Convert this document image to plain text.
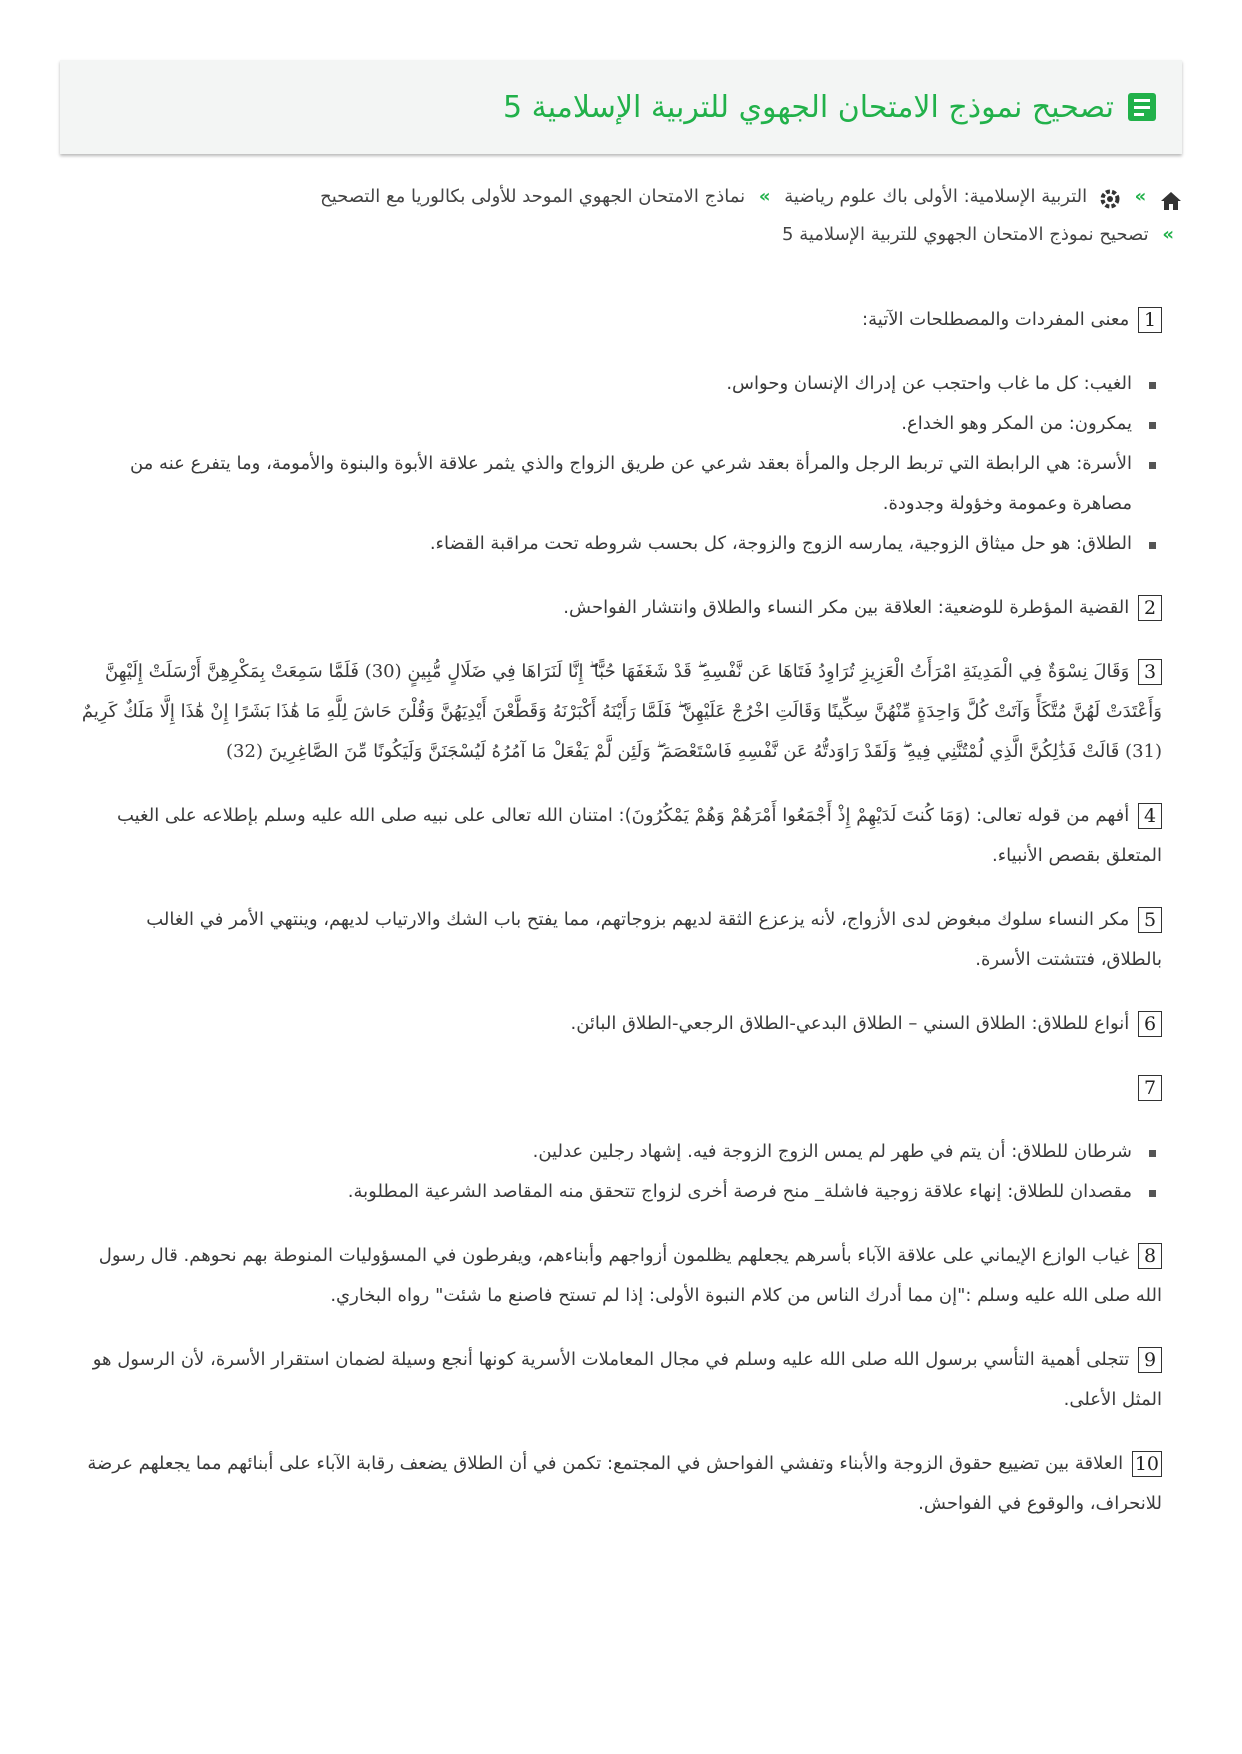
تصحيح نموذج الامتحان الجهوي للتربية الإسلامية 5
»  التربية الإسلامية: الأولى باك علوم رياضية » نماذج الامتحان الجهوي الموحد للأولى بكالوريا مع التصحيح
» تصحيح نموذج الامتحان الجهوي للتربية الإسلامية 5

1 معنى المفردات والمصطلحات الآتية:

الغيب: كل ما غاب واحتجب عن إدراك الإنسان وحواس.
يمكرون: من المكر وهو الخداع.
الأسرة: هي الرابطة التي تربط الرجل والمرأة بعقد شرعي عن طريق الزواج والذي يثمر علاقة الأبوة والبنوة والأمومة، وما يتفرع عنه من مصاهرة وعمومة وخؤولة وجدودة.
الطلاق: هو حل ميثاق الزوجية، يمارسه الزوج والزوجة، كل بحسب شروطه تحت مراقبة القضاء.

2 القضية المؤطرة للوضعية: العلاقة بين مكر النساء والطلاق وانتشار الفواحش.

3 وَقَالَ نِسْوَةٌ فِي الْمَدِينَةِ امْرَأَتُ الْعَزِيزِ تُرَاوِدُ فَتَاهَا عَن نَّفْسِهِ ۖ قَدْ شَغَفَهَا حُبًّا ۖ إِنَّا لَنَرَاهَا فِي ضَلَالٍ مُّبِينٍ (30) فَلَمَّا سَمِعَتْ بِمَكْرِهِنَّ أَرْسَلَتْ إِلَيْهِنَّ وَأَعْتَدَتْ لَهُنَّ مُتَّكَأً وَآتَتْ كُلَّ وَاحِدَةٍ مِّنْهُنَّ سِكِّينًا وَقَالَتِ اخْرُجْ عَلَيْهِنَّ ۖ فَلَمَّا رَأَيْنَهُ أَكْبَرْنَهُ وَقَطَّعْنَ أَيْدِيَهُنَّ وَقُلْنَ حَاشَ لِلَّهِ مَا هَٰذَا بَشَرًا إِنْ هَٰذَا إِلَّا مَلَكٌ كَرِيمٌ (31) قَالَتْ فَذَٰلِكُنَّ الَّذِي لُمْتُنَّنِي فِيهِ ۖ وَلَقَدْ رَاوَدتُّهُ عَن نَّفْسِهِ فَاسْتَعْصَمَ ۖ وَلَئِن لَّمْ يَفْعَلْ مَا آمُرُهُ لَيُسْجَنَنَّ وَلَيَكُونًا مِّنَ الصَّاغِرِينَ (32)

4 أفهم من قوله تعالى: (وَمَا كُنتَ لَدَيْهِمْ إِذْ أَجْمَعُوا أَمْرَهُمْ وَهُمْ يَمْكُرُونَ): امتنان الله تعالى على نبيه صلى الله عليه وسلم بإطلاعه على الغيب المتعلق بقصص الأنبياء.

5 مكر النساء سلوك مبغوض لدى الأزواج، لأنه يزعزع الثقة لديهم بزوجاتهم، مما يفتح باب الشك والارتياب لديهم، وينتهي الأمر في الغالب بالطلاق، فتتشتت الأسرة.

6 أنواع للطلاق: الطلاق السني – الطلاق البدعي-الطلاق الرجعي-الطلاق البائن.

7

شرطان للطلاق: أن يتم في طهر لم يمس الزوج الزوجة فيه. إشهاد رجلين عدلين.
مقصدان للطلاق: إنهاء علاقة زوجية فاشلة_ منح فرصة أخرى لزواج تتحقق منه المقاصد الشرعية المطلوبة.

8 غياب الوازع الإيماني على علاقة الآباء بأسرهم يجعلهم يظلمون أزواجهم وأبناءهم، ويفرطون في المسؤوليات المنوطة بهم نحوهم. قال رسول الله صلى الله عليه وسلم :"إن مما أدرك الناس من كلام النبوة الأولى: إذا لم تستح فاصنع ما شئت" رواه البخاري.

9 تتجلى أهمية التأسي برسول الله صلى الله عليه وسلم في مجال المعاملات الأسرية كونها أنجع وسيلة لضمان استقرار الأسرة، لأن الرسول هو المثل الأعلى.

10 العلاقة بين تضييع حقوق الزوجة والأبناء وتفشي الفواحش في المجتمع: تكمن في أن الطلاق يضعف رقابة الآباء على أبنائهم مما يجعلهم عرضة للانحراف، والوقوع في الفواحش.
